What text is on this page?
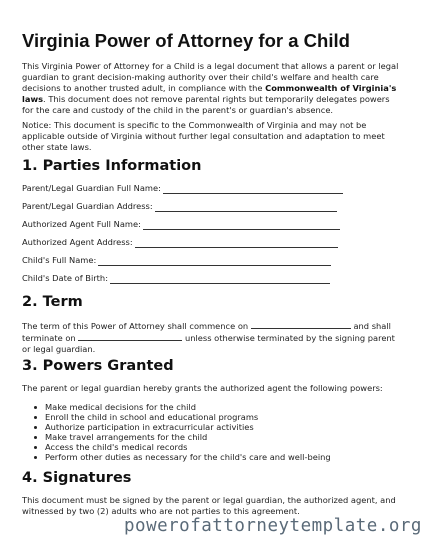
Virginia Power of Attorney for a Child
This Virginia Power of Attorney for a Child is a legal document that allows a parent or legal
guardian to grant decision-making authority over their child's welfare and health care
decisions to another trusted adult, in compliance with the Commonwealth of Virginia's
laws. This document does not remove parental rights but temporarily delegates powers
for the care and custody of the child in the parent's or guardian's absence.
Notice: This document is specific to the Commonwealth of Virginia and may not be
applicable outside of Virginia without further legal consultation and adaptation to meet
other state laws.
1. Parties Information
Parent/Legal Guardian Full Name:
Parent/Legal Guardian Address:
Authorized Agent Full Name:
Authorized Agent Address:
Child's Full Name:
Child's Date of Birth:
2. Term
The term of this Power of Attorney shall commence on	and shall
terminate on	unless otherwise terminated by the signing parent
or legal guardian.
3. Powers Granted
The parent or legal guardian hereby grants the authorized agent the following powers:
Make medical decisions for the child
Enroll the child in school and educational programs
Authorize participation in extracurricular activities
Make travel arrangements for the child
Access the child's medical records
Perform other duties as necessary for the child's care and well-being
4. Signatures
This document must be signed by the parent or legal guardian, the authorized agent, and
witnessed by two (2) adults who are not parties to this agreement.
powerofattorneytemplate.org
